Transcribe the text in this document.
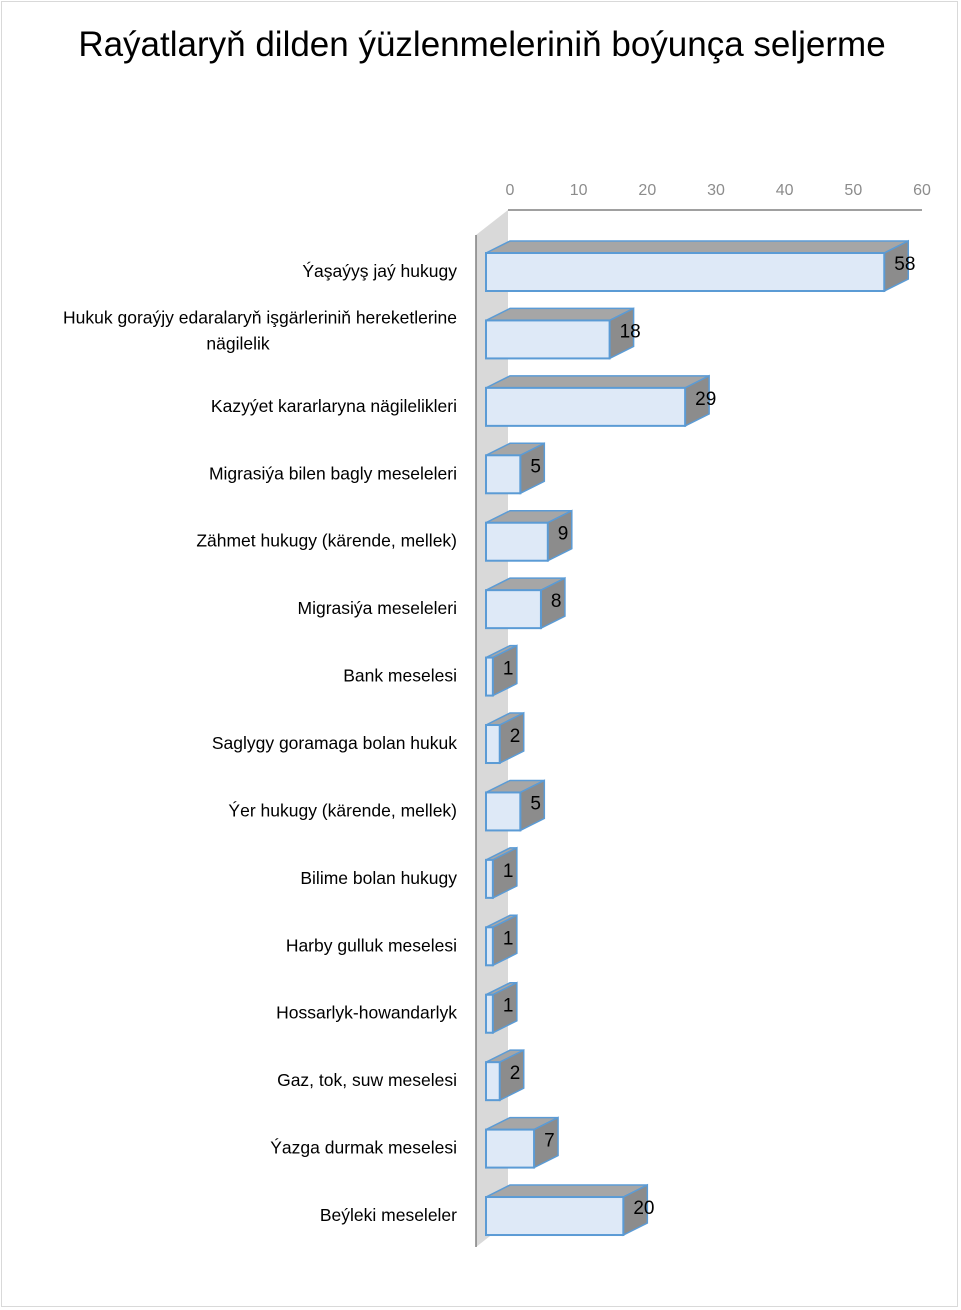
Raýatlaryň dilden ýüzlenmeleriniň boýunça seljerme
0	10	20	30	40	50	60
Ýaşaýyş jaý hukugy
Hukuk goraýjy edaralaryň işgärleriniň hereketlerine nägilelik
Kazyýet kararlaryna nägilelikleri
Migrasiýa bilen bagly meseleleri
Zähmet hukugy (kärende, mellek)
Migrasiýa meseleleri
Bank meselesi
Saglygy goramaga bolan hukuk
Ýer hukugy (kärende, mellek)
Bilime bolan hukugy
Harby gulluk meselesi
Hossarlyk-howandarlyk
Gaz, tok, suw meselesi
Ýazga durmak meselesi
Beýleki meseleler
58
18
29
5
9
8
1
2
5
1
1
1
2
7
20
